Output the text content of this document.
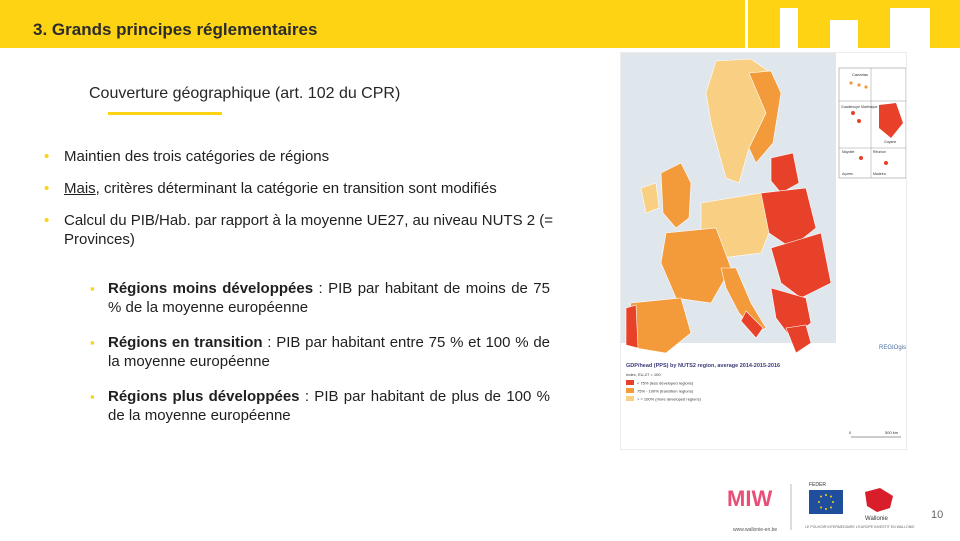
3. Grands principes réglementaires
Couverture géographique (art. 102 du CPR)
• Maintien des trois catégories de régions
• Mais, critères déterminant la catégorie en transition sont modifiés
• Calcul du PIB/Hab. par rapport à la moyenne UE27, au niveau NUTS 2 (= Provinces)
▪ Régions moins développées : PIB par habitant de moins de 75 % de la moyenne européenne
▪ Régions en transition : PIB par habitant entre 75 % et 100 % de la moyenne européenne
▪ Régions plus développées : PIB par habitant de plus de 100 % de la moyenne européenne
Canarias
Guadeloupe Martinique
Guyane
Mayotte	Réunion
Açores	Madeira
REGIOgis
GDP/head (PPS) by NUTS2 region, average 2014-2015-2016
Index, EU-27 = 100
< 75% (less developed regions)
75% - 100% (transition regions)
> = 100% (more developed regions)
0	500 km
MIW
www.wallonie-en.be
FEDER
Wallonie
LE POUVOIR INTERMEDIAIRE L'EUROPE INVESTIT EN WALLONIE
10
